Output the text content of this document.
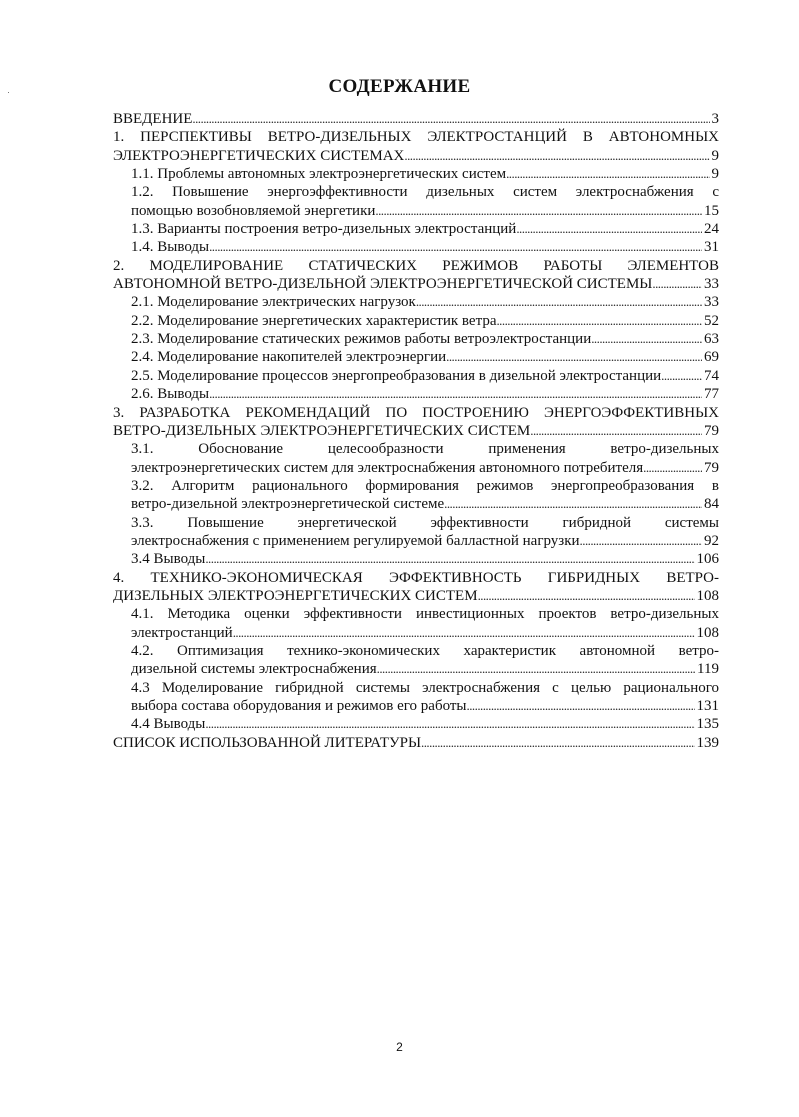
СОДЕРЖАНИЕ
ВВЕДЕНИЕ . . .	3
1. ПЕРСПЕКТИВЫ ВЕТРО-ДИЗЕЛЬНЫХ ЭЛЕКТРОСТАНЦИЙ В АВТОНОМНЫХ
ЭЛЕКТРОЭНЕРГЕТИЧЕСКИХ СИСТЕМАХ . . .	9
1.1. Проблемы автономных электроэнергетических систем . . .	9
1.2. Повышение энергоэффективности дизельных систем электроснабжения с
помощью возобновляемой энергетики . . .	15
1.3. Варианты построения ветро-дизельных электростанций . . .	24
1.4. Выводы . . .	31
2. МОДЕЛИРОВАНИЕ СТАТИЧЕСКИХ РЕЖИМОВ РАБОТЫ ЭЛЕМЕНТОВ
АВТОНОМНОЙ ВЕТРО-ДИЗЕЛЬНОЙ ЭЛЕКТРОЭНЕРГЕТИЧЕСКОЙ СИСТЕМЫ . . .	33
2.1. Моделирование электрических нагрузок . . .	33
2.2. Моделирование энергетических характеристик ветра . . .	52
2.3. Моделирование статических режимов работы ветроэлектростанции . . .	63
2.4. Моделирование накопителей электроэнергии . . .	69
2.5. Моделирование процессов энергопреобразования в дизельной электростанции . . .	74
2.6. Выводы . . .	77
3. РАЗРАБОТКА РЕКОМЕНДАЦИЙ ПО ПОСТРОЕНИЮ ЭНЕРГОЭФФЕКТИВНЫХ
ВЕТРО-ДИЗЕЛЬНЫХ ЭЛЕКТРОЭНЕРГЕТИЧЕСКИХ СИСТЕМ . . .	79
3.1. Обоснование целесообразности применения ветро-дизельных
электроэнергетических систем для электроснабжения автономного потребителя . . .	79
3.2. Алгоритм рационального формирования режимов энергопреобразования в
ветро-дизельной электроэнергетической системе . . .	84
3.3. Повышение энергетической эффективности гибридной системы
электроснабжения с применением регулируемой балластной нагрузки . . .	92
3.4 Выводы . . .	106
4. ТЕХНИКО-ЭКОНОМИЧЕСКАЯ ЭФФЕКТИВНОСТЬ ГИБРИДНЫХ ВЕТРО-
ДИЗЕЛЬНЫХ ЭЛЕКТРОЭНЕРГЕТИЧЕСКИХ СИСТЕМ . . .	108
4.1. Методика оценки эффективности инвестиционных проектов ветро-дизельных
электростанций . . .	108
4.2. Оптимизация технико-экономических характеристик автономной ветро-
дизельной системы электроснабжения . . .	119
4.3 Моделирование гибридной системы электроснабжения с целью рационального
выбора состава оборудования и режимов его работы . . .	131
4.4 Выводы . . .	135
СПИСОК ИСПОЛЬЗОВАННОЙ ЛИТЕРАТУРЫ . . .	139
2
